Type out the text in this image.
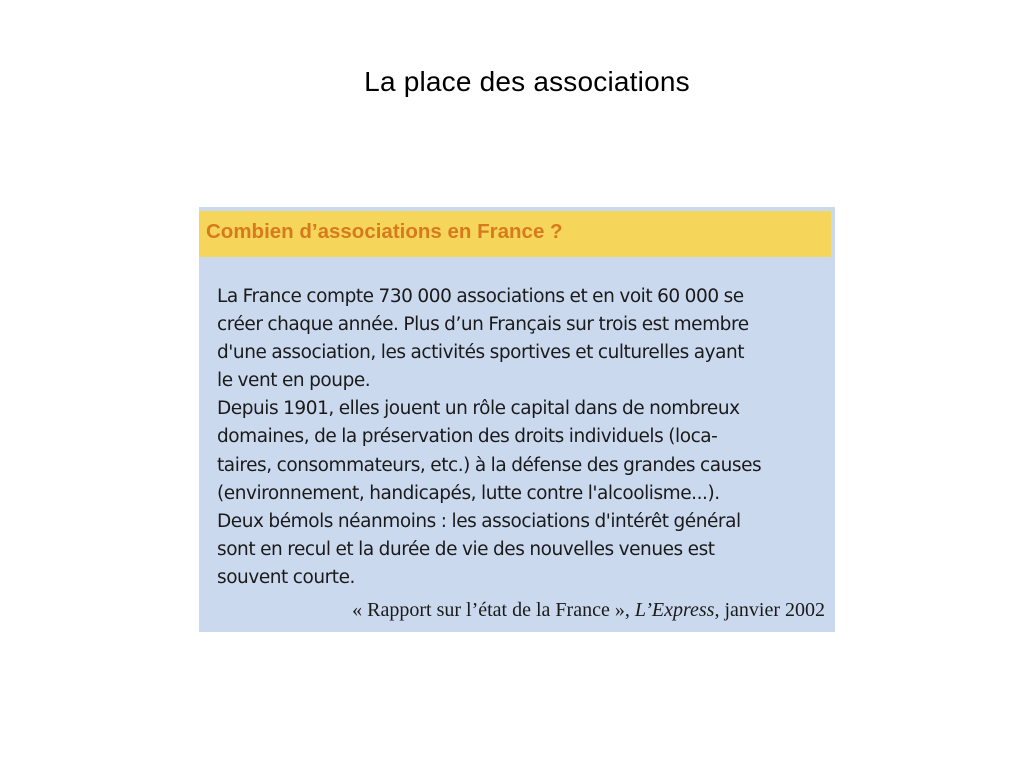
La place des associations
Combien d’associations en France ?
La France compte 730 000 associations et en voit 60 000 se
créer chaque année. Plus d’un Français sur trois est membre
d'une association, les activités sportives et culturelles ayant
le vent en poupe.
Depuis 1901, elles jouent un rôle capital dans de nombreux
domaines, de la préservation des droits individuels (loca-
taires, consommateurs, etc.) à la défense des grandes causes
(environnement, handicapés, lutte contre l'alcoolisme...).
Deux bémols néanmoins : les associations d'intérêt général
sont en recul et la durée de vie des nouvelles venues est
souvent courte.
« Rapport sur l’état de la France », L’Express, janvier 2002
